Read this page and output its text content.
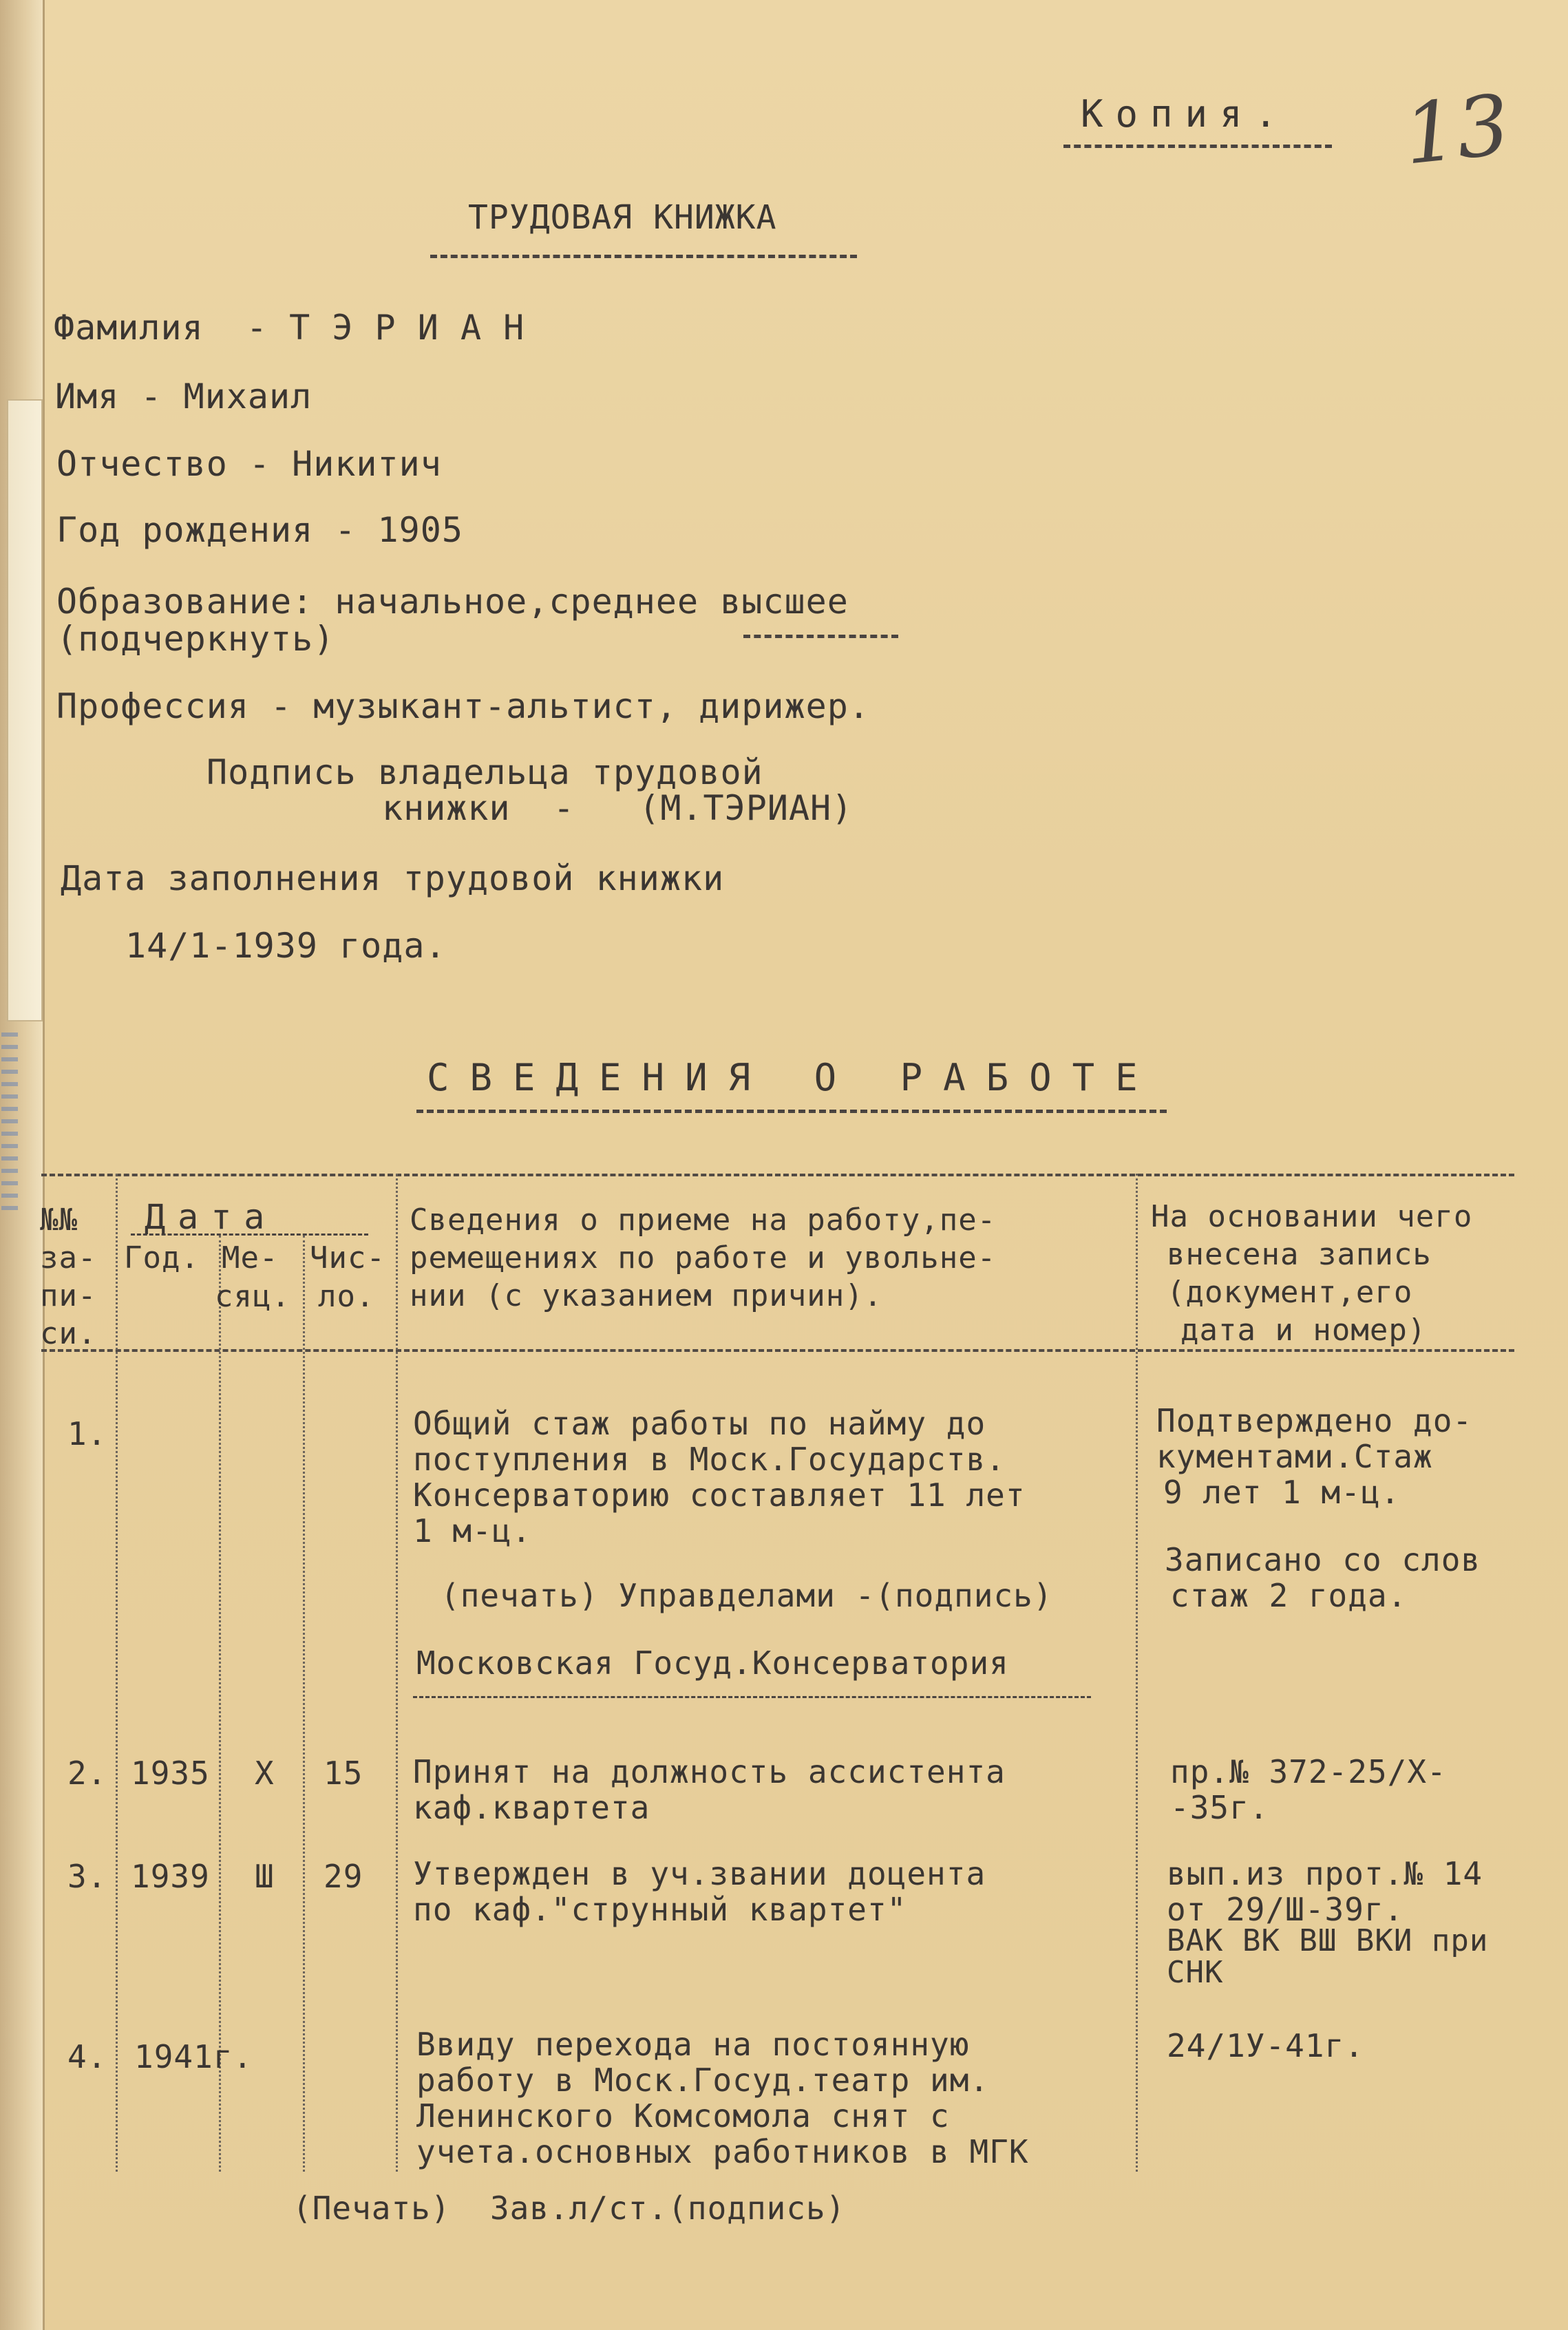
Копия. 13
ТРУДОВАЯ КНИЖКА
Фамилия  - Т Э Р И А Н
Имя - Михаил
Отчество - Никитич
Год рождения - 1905
Образование: начальное,среднее высшее
(подчеркнуть)
Профессия - музыкант-альтист, дирижер.
Подпись владельца трудовой
книжки  -   (М.ТЭРИАН)
Дата заполнения трудовой книжки
14/1-1939 года.
СВЕДЕНИЯ О РАБОТЕ
№№
за-
пи-
си.
Дата
Год. Ме-
сяц.
Чис-
ло.
Сведения о приеме на работу,пе-
ремещениях по работе и увольне-
нии (с указанием причин).
На основании чего
внесена запись
(документ,его
дата и номер)
1.	Общий стаж работы по найму до
поступления в Моск.Государств.
Консерваторию составляет 11 лет
1 м-ц.
(печать) Управделами -(подпись)
Московская Госуд.Консерватория
Подтверждено до-
кументами.Стаж
9 лет 1 м-ц.
Записано со слов
стаж 2 года.
2. 1935 Х 15 Принят на должность ассистента
каф.квартета
пр.№ 372-25/Х-
-35г.
3. 1939 Ш 29 Утвержден в уч.звании доцента
по каф."струнный квартет"
вып.из прот.№ 14
от 29/Ш-39г.
ВАК ВК ВШ ВКИ при
СНК
4. 1941г.	Ввиду перехода на постоянную
работу в Моск.Госуд.театр им.
Ленинского Комсомола снят с
учета.основных работников в МГК
24/1У-41г.
(Печать)  Зав.л/ст.(подпись)
